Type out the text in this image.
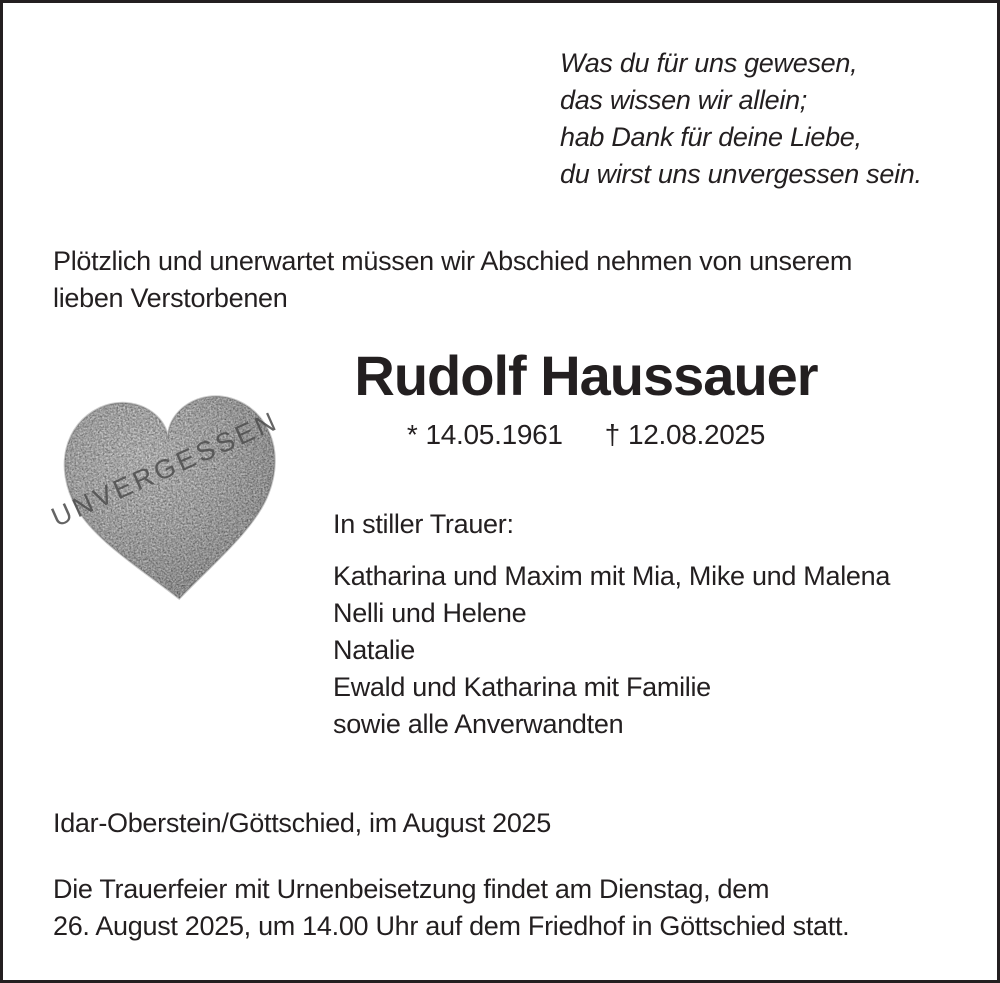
Was du für uns gewesen,
das wissen wir allein;
hab Dank für deine Liebe,
du wirst uns unvergessen sein.
Plötzlich und unerwartet müssen wir Abschied nehmen von unserem
lieben Verstorbenen
Rudolf Haussauer
* 14.05.1961 † 12.08.2025
UNVERGESSEN In stiller Trauer:
Katharina und Maxim mit Mia, Mike und Malena
Nelli und Helene
Natalie
Ewald und Katharina mit Familie
sowie alle Anverwandten
Idar-Oberstein/Göttschied, im August 2025
Die Trauerfeier mit Urnenbeisetzung findet am Dienstag, dem
26. August 2025, um 14.00 Uhr auf dem Friedhof in Göttschied statt.
